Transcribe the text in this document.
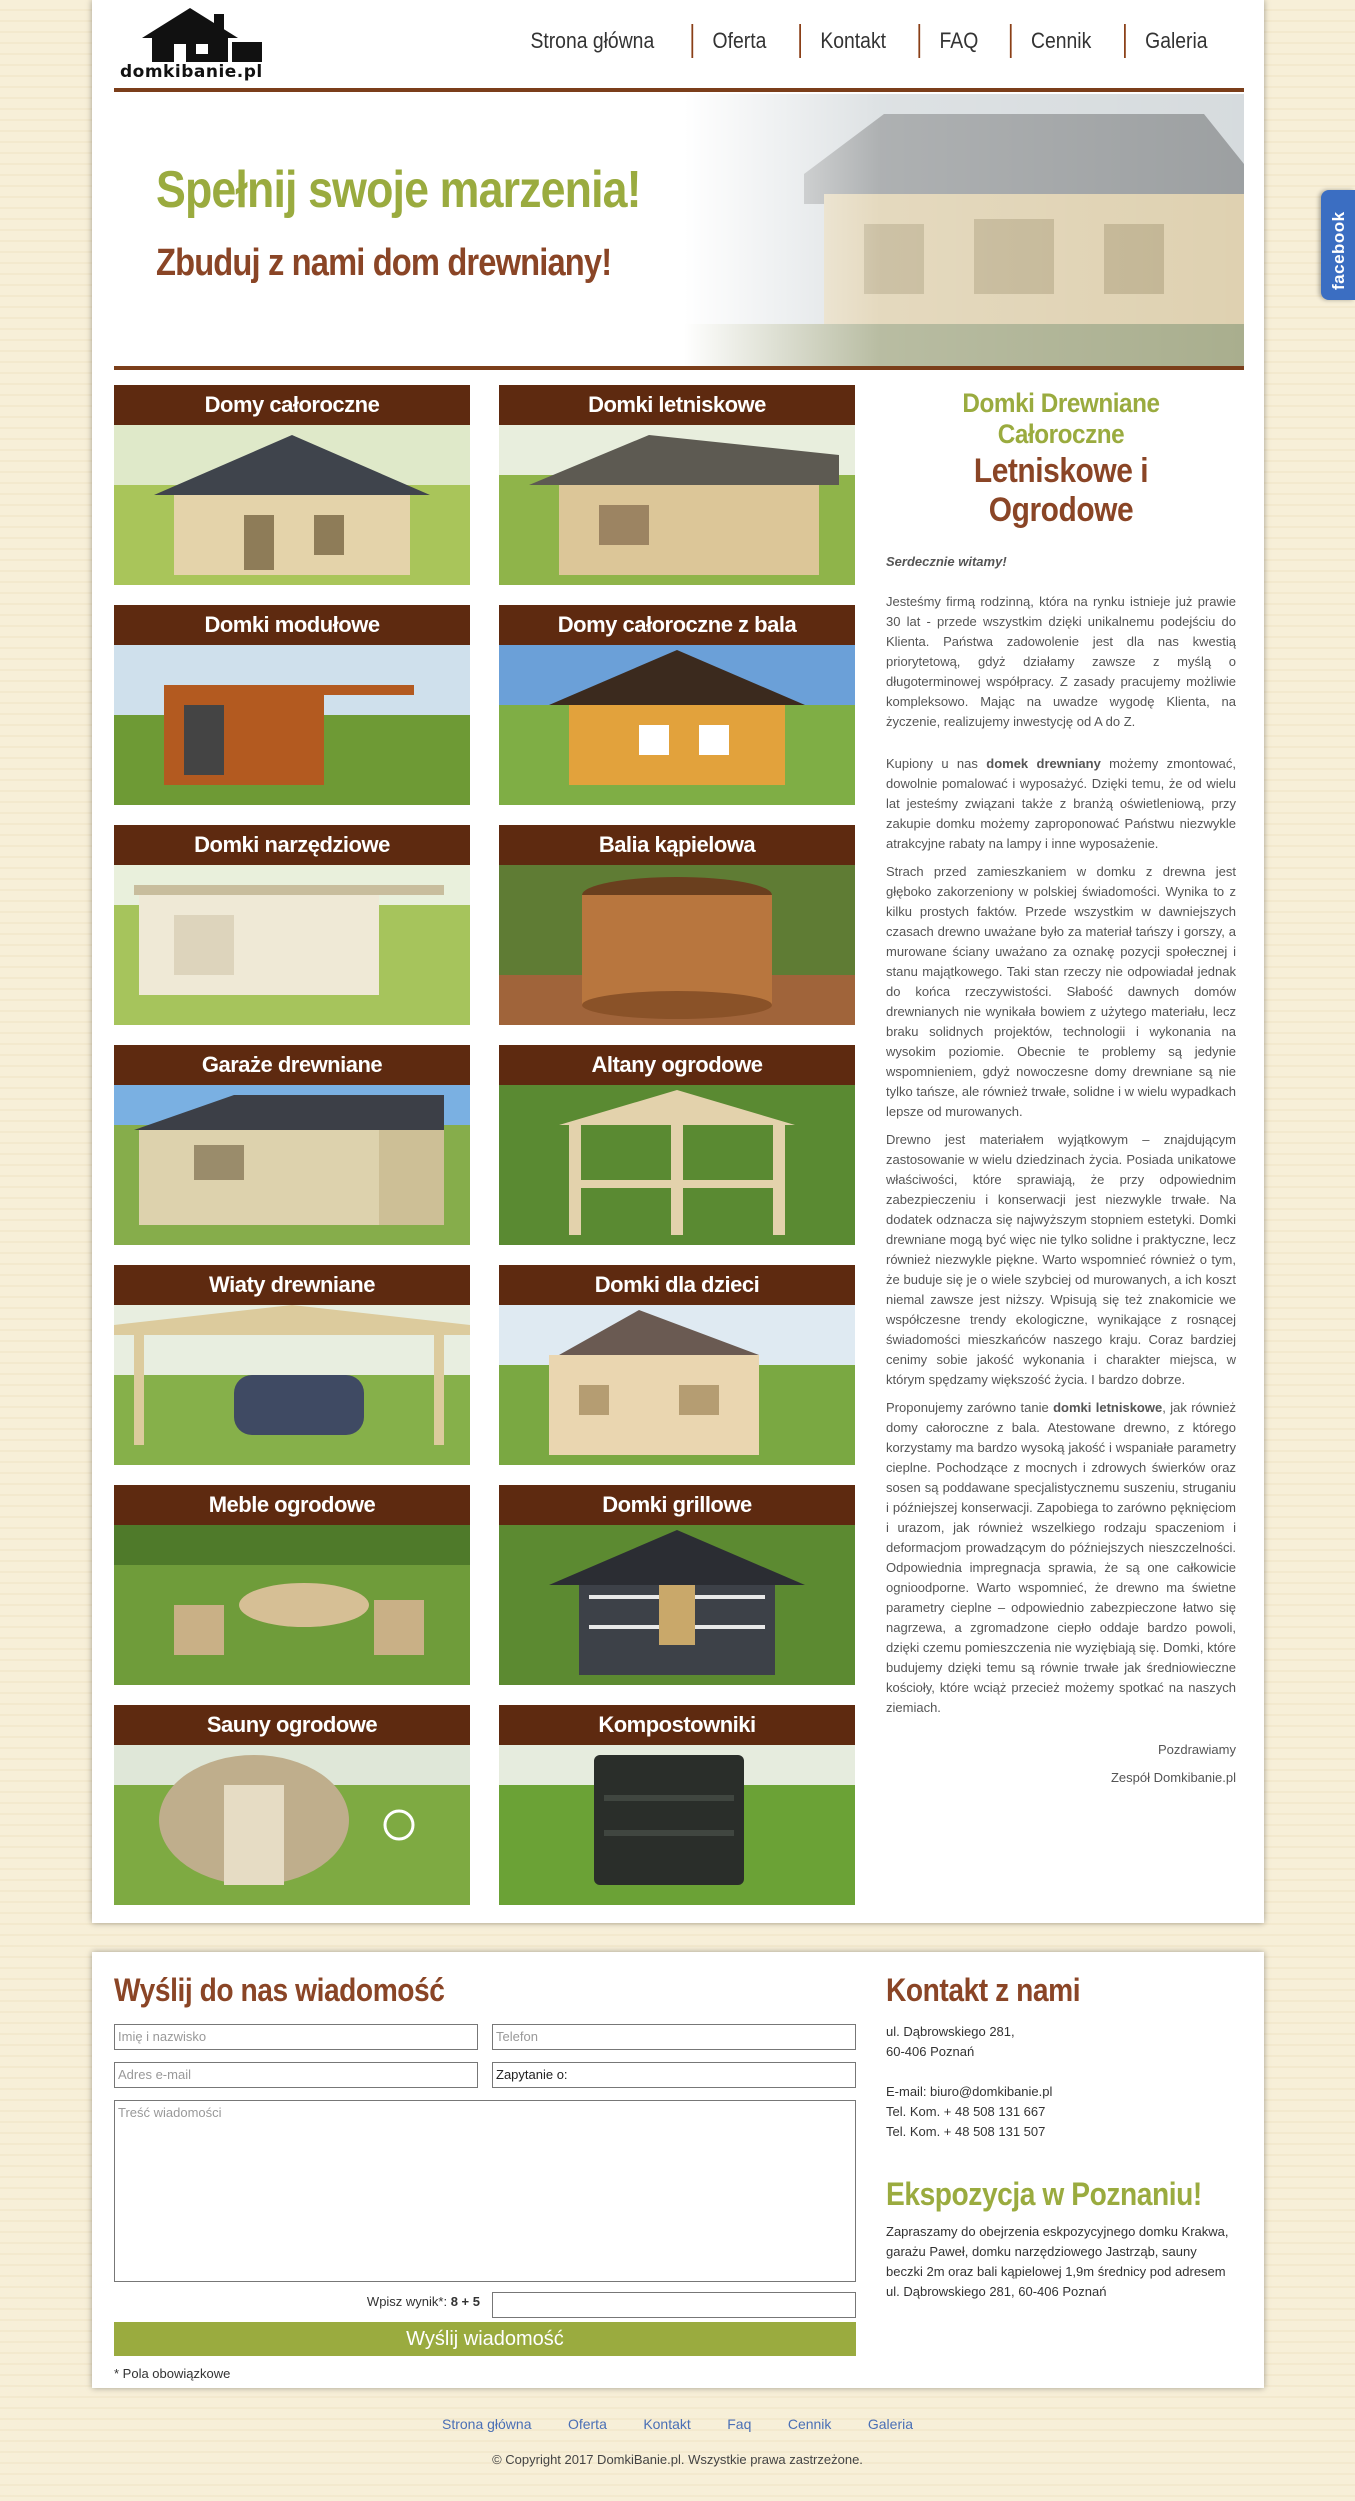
facebook
domkibanie.pl
Strona główna	Oferta	Kontakt	FAQ	Cennik	Galeria
Spełnij swoje marzenia!
Zbuduj z nami dom drewniany!
Domy całoroczne	Domki letniskowe
Domki modułowe	Domy całoroczne z bala
Domki narzędziowe	Balia kąpielowa
Garaże drewniane	Altany ogrodowe
Wiaty drewniane	Domki dla dzieci
Meble ogrodowe	Domki grillowe
Sauny ogrodowe	Kompostowniki
Domki Drewniane Całoroczne
Letniskowe i Ogrodowe

Serdecznie witamy!

Jesteśmy firmą rodzinną, która na rynku istnieje już prawie 30 lat - przede wszystkim dzięki unikalnemu podejściu do Klienta. Państwa zadowolenie jest dla nas kwestią priorytetową, gdyż działamy zawsze z myślą o długoterminowej współpracy. Z zasady pracujemy możliwie kompleksowo. Mając na uwadze wygodę Klienta, na życzenie, realizujemy inwestycję od A do Z.

Kupiony u nas domek drewniany możemy zmontować, dowolnie pomalować i wyposażyć. Dzięki temu, że od wielu lat jesteśmy związani także z branżą oświetleniową, przy zakupie domku możemy zaproponować Państwu niezwykle atrakcyjne rabaty na lampy i inne wyposażenie.

Strach przed zamieszkaniem w domku z drewna jest głęboko zakorzeniony w polskiej świadomości. Wynika to z kilku prostych faktów. Przede wszystkim w dawniejszych czasach drewno uważane było za materiał tańszy i gorszy, a murowane ściany uważano za oznakę pozycji społecznej i stanu majątkowego. Taki stan rzeczy nie odpowiadał jednak do końca rzeczywistości. Słabość dawnych domów drewnianych nie wynikała bowiem z użytego materiału, lecz braku solidnych projektów, technologii i wykonania na wysokim poziomie. Obecnie te problemy są jedynie wspomnieniem, gdyż nowoczesne domy drewniane są nie tylko tańsze, ale również trwałe, solidne i w wielu wypadkach lepsze od murowanych.

Drewno jest materiałem wyjątkowym – znajdującym zastosowanie w wielu dziedzinach życia. Posiada unikatowe właściwości, które sprawiają, że przy odpowiednim zabezpieczeniu i konserwacji jest niezwykle trwałe. Na dodatek odznacza się najwyższym stopniem estetyki. Domki drewniane mogą być więc nie tylko solidne i praktyczne, lecz również niezwykle piękne. Warto wspomnieć również o tym, że buduje się je o wiele szybciej od murowanych, a ich koszt niemal zawsze jest niższy. Wpisują się też znakomicie we współczesne trendy ekologiczne, wynikające z rosnącej świadomości mieszkańców naszego kraju. Coraz bardziej cenimy sobie jakość wykonania i charakter miejsca, w którym spędzamy większość życia. I bardzo dobrze.

Proponujemy zarówno tanie domki letniskowe, jak również domy całoroczne z bala. Atestowane drewno, z którego korzystamy ma bardzo wysoką jakość i wspaniałe parametry cieplne. Pochodzące z mocnych i zdrowych świerków oraz sosen są poddawane specjalistycznemu suszeniu, struganiu i późniejszej konserwacji. Zapobiega to zarówno pęknięciom i urazom, jak również wszelkiego rodzaju spaczeniom i deformacjom prowadzącym do późniejszych nieszczelności. Odpowiednia impregnacja sprawia, że są one całkowicie ognioodporne. Warto wspomnieć, że drewno ma świetne parametry cieplne – odpowiednio zabezpieczone łatwo się nagrzewa, a zgromadzone ciepło oddaje bardzo powoli, dzięki czemu pomieszczenia nie wyziębiają się. Domki, które budujemy dzięki temu są równie trwałe jak średniowieczne kościoły, które wciąż przecież możemy spotkać na naszych ziemiach.

Pozdrawiamy

Zespół Domkibanie.pl

Wyślij do nas wiadomość
Imię i nazwisko	Telefon
Adres e-mail	Zapytanie o:
Treść wiadomości
Wpisz wynik*: 8 + 5
Wyślij wiadomość
* Pola obowiązkowe
Kontakt z nami
ul. Dąbrowskiego 281,
60-406 Poznań
E-mail: biuro@domkibanie.pl
Tel. Kom. + 48 508 131 667
Tel. Kom. + 48 508 131 507
Ekspozycja w Poznaniu!
Zapraszamy do obejrzenia eskpozycyjnego domku Krakwa, garażu Paweł, domku narzędziowego Jastrząb, sauny beczki 2m oraz bali kąpielowej 1,9m średnicy pod adresem ul. Dąbrowskiego 281, 60-406 Poznań
Strona główna	Oferta	Kontakt	Faq	Cennik	Galeria
© Copyright 2017 DomkiBanie.pl. Wszystkie prawa zastrzeżone.
